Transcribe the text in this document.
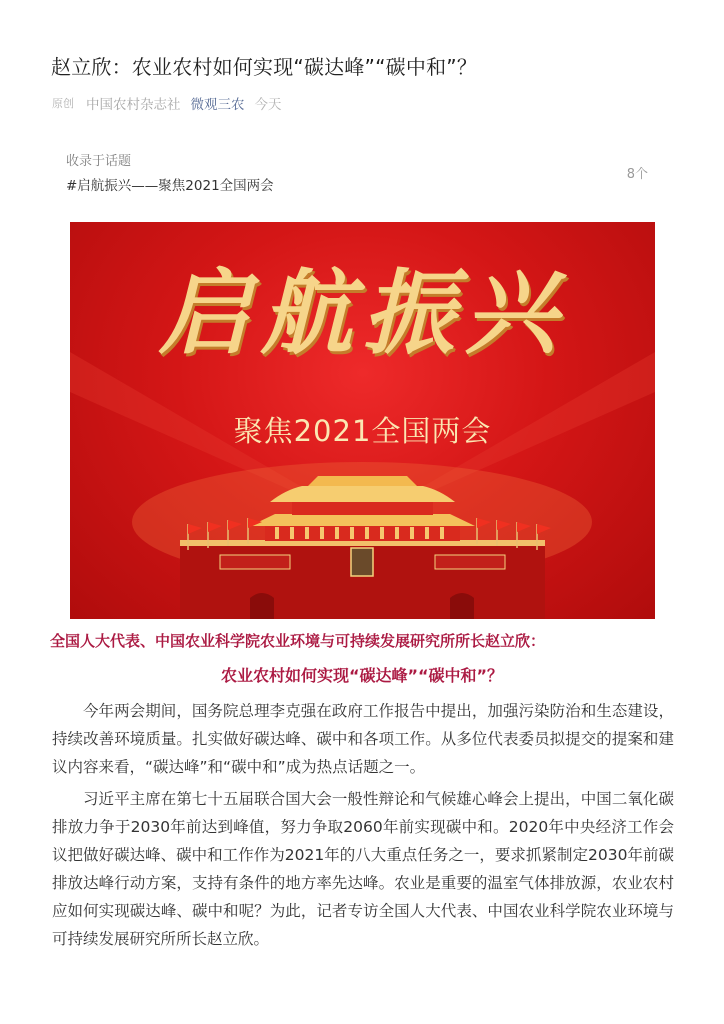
赵立欣：农业农村如何实现“碳达峰”“碳中和”？
原创 中国农村杂志社 微观三农 今天
收录于话题
#启航振兴——聚焦2021全国两会
8个
启航振兴
聚焦2021全国两会

全国人大代表、中国农业科学院农业环境与可持续发展研究所所长赵立欣：

农业农村如何实现“碳达峰”“碳中和”？

今年两会期间，国务院总理李克强在政府工作报告中提出，加强污染防治和生态建设，持续改善环境质量。扎实做好碳达峰、碳中和各项工作。从多位代表委员拟提交的提案和建议内容来看，“碳达峰”和“碳中和”成为热点话题之一。

习近平主席在第七十五届联合国大会一般性辩论和气候雄心峰会上提出，中国二氧化碳排放力争于2030年前达到峰值，努力争取2060年前实现碳中和。2020年中央经济工作会议把做好碳达峰、碳中和工作作为2021年的八大重点任务之一，要求抓紧制定2030年前碳排放达峰行动方案，支持有条件的地方率先达峰。农业是重要的温室气体排放源，农业农村应如何实现碳达峰、碳中和呢？为此，记者专访全国人大代表、中国农业科学院农业环境与可持续发展研究所所长赵立欣。
